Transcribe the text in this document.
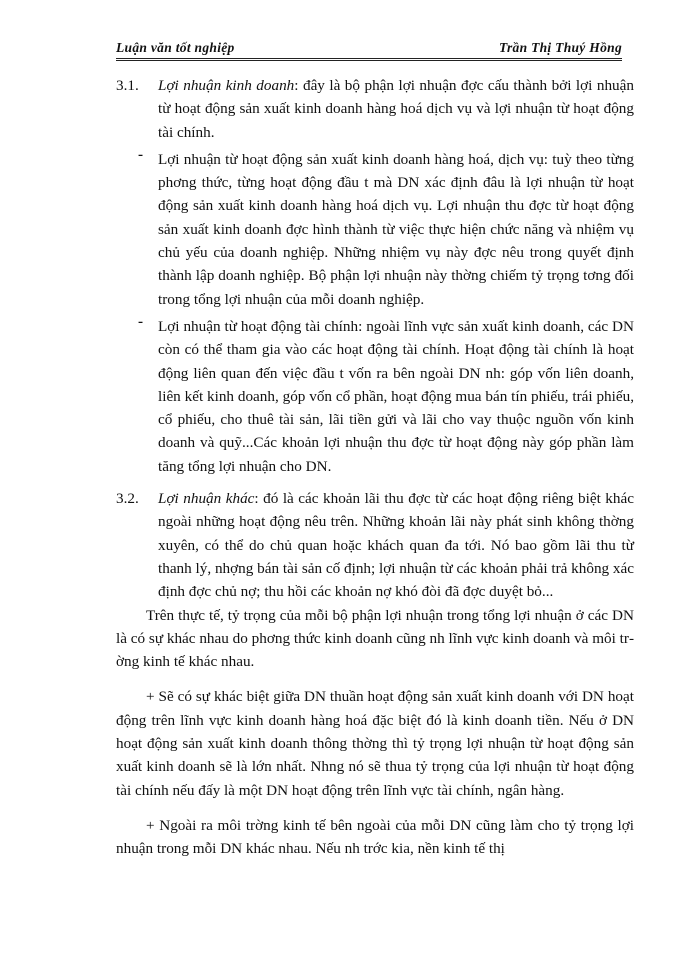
Luận văn tốt nghiệp	Trần Thị Thuý Hồng
3.1.	Lợi nhuận kinh doanh: đây là bộ phận lợi nhuận đợc cấu thành bởi lợi nhuận từ hoạt động sản xuất kinh doanh hàng hoá dịch vụ và lợi nhuận từ hoạt động tài chính.

- Lợi nhuận từ hoạt động sản xuất kinh doanh hàng hoá, dịch vụ: tuỳ theo từng phơng thức, từng hoạt động đầu t mà DN xác định đâu là lợi nhuận từ hoạt động sản xuất kinh doanh hàng hoá dịch vụ. Lợi nhuận thu đợc từ hoạt động sản xuất kinh doanh đợc hình thành từ việc thực hiện chức năng và nhiệm vụ chủ yếu của doanh nghiệp. Những nhiệm vụ này đợc nêu trong quyết định thành lập doanh nghiệp. Bộ phận lợi nhuận này thờng chiếm tỷ trọng tơng đối trong tổng lợi nhuận của mỗi doanh nghiệp.

- Lợi nhuận từ hoạt động tài chính: ngoài lĩnh vực sản xuất kinh doanh, các DN còn có thể tham gia vào các hoạt động tài chính. Hoạt động tài chính là hoạt động liên quan đến việc đầu t vốn ra bên ngoài DN nh: góp vốn liên doanh, liên kết kinh doanh, góp vốn cổ phần, hoạt động mua bán tín phiếu, trái phiếu, cổ phiếu, cho thuê tài sản, lãi tiền gửi và lãi cho vay thuộc nguồn vốn kinh doanh và quỹ...Các khoản lợi nhuận thu đợc từ hoạt động này góp phần làm tăng tổng lợi nhuận cho DN.

3.2.	Lợi nhuận khác: đó là các khoản lãi thu đợc từ các hoạt động riêng biệt khác ngoài những hoạt động nêu trên. Những khoản lãi này phát sinh không thờng xuyên, có thể do chủ quan hoặc khách quan đa tới. Nó bao gồm lãi thu từ thanh lý, nhợng bán tài sản cố định; lợi nhuận từ các khoản phải trả không xác định đợc chủ nợ; thu hồi các khoản nợ khó đòi đã đợc duyệt bỏ...

Trên thực tế, tỷ trọng của mỗi bộ phận lợi nhuận trong tổng lợi nhuận ở các DN là có sự khác nhau do phơng thức kinh doanh cũng nh lĩnh vực kinh doanh và môi trờng kinh tế khác nhau.

+ Sẽ có sự khác biệt giữa DN thuần hoạt động sản xuất kinh doanh với DN hoạt động trên lĩnh vực kinh doanh hàng hoá đặc biệt đó là kinh doanh tiền. Nếu ở DN hoạt động sản xuất kinh doanh thông thờng thì tỷ trọng lợi nhuận từ hoạt động sản xuất kinh doanh sẽ là lớn nhất. Nhng nó sẽ thua tỷ trọng của lợi nhuận từ hoạt động tài chính nếu đấy là một DN hoạt động trên lĩnh vực tài chính, ngân hàng.

+ Ngoài ra môi trờng kinh tế bên ngoài của mỗi DN cũng làm cho tỷ trọng lợi nhuận trong mỗi DN khác nhau. Nếu nh trớc kia, nền kinh tế thị
